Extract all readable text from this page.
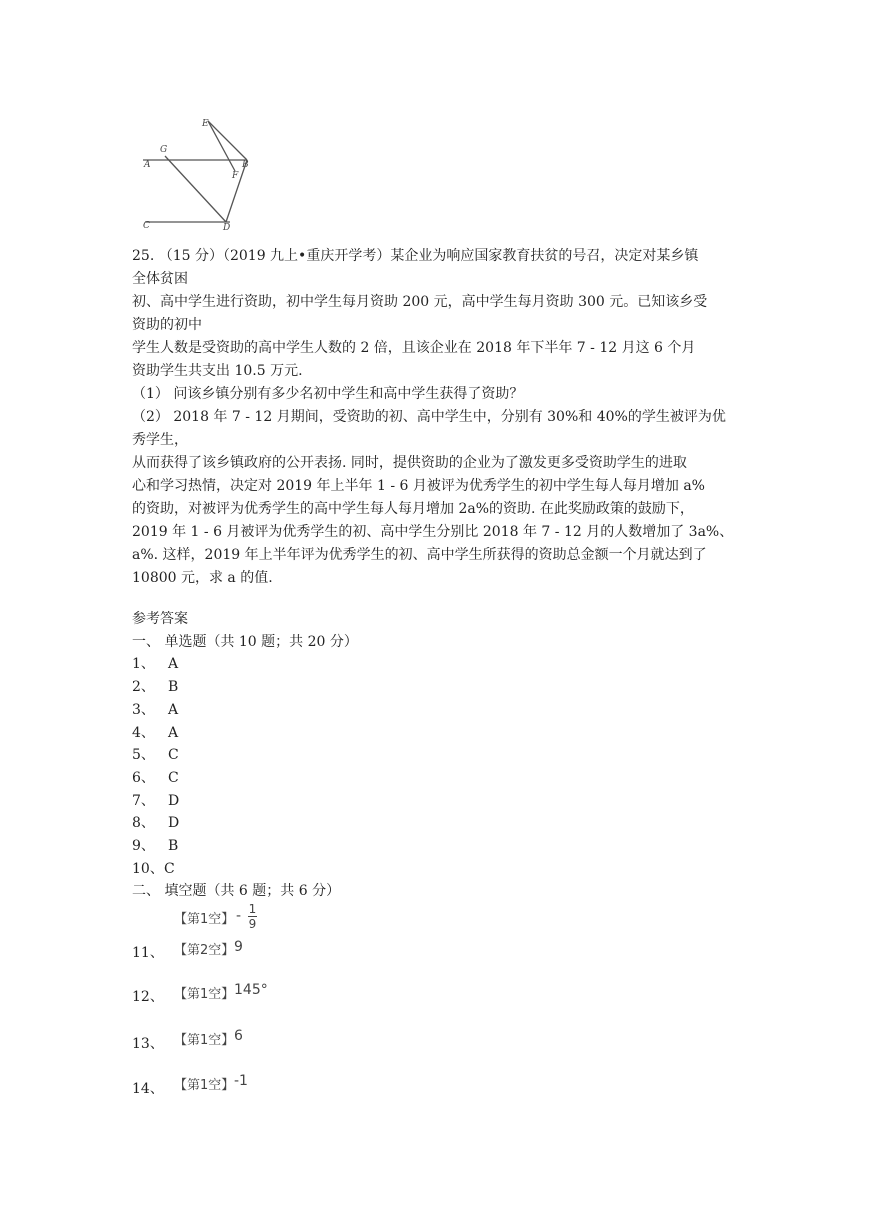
E
G
A	B
F
C	D

25. （15 分）（2019 九上•重庆开学考）某企业为响应国家教育扶贫的号召，决定对某乡镇

全体贫困

初、高中学生进行资助，初中学生每月资助 200 元，高中学生每月资助 300 元。已知该乡受

资助的初中

学生人数是受资助的高中学生人数的 2 倍，且该企业在 2018 年下半年 7 - 12 月这 6 个月

资助学生共支出 10.5 万元.

（1） 问该乡镇分别有多少名初中学生和高中学生获得了资助？

（2） 2018 年 7 - 12 月期间，受资助的初、高中学生中，分别有 30%和 40%的学生被评为优

秀学生，

从而获得了该乡镇政府的公开表扬. 同时，提供资助的企业为了激发更多受资助学生的进取

心和学习热情，决定对 2019 年上半年 1 - 6 月被评为优秀学生的初中学生每人每月增加 a%

的资助，对被评为优秀学生的高中学生每人每月增加 2a%的资助. 在此奖励政策的鼓励下，

2019 年 1 - 6 月被评为优秀学生的初、高中学生分别比 2018 年 7 - 12 月的人数增加了 3a%、

a%. 这样，2019 年上半年评为优秀学生的初、高中学生所获得的资助总金额一个月就达到了

10800 元，求 a 的值.

参考答案

一、 单选题（共 10 题；共 20 分）

1、 A

2、 B

3、 A

4、 A

5、 C

6、 C

7、 D

8、 D

9、 B

10、 C

二、 填空题（共 6 题；共 6 分）

【第1空】 - 1
9
11、 【第2空】 9
12、 【第1空】 145°
13、 【第1空】 6
14、 【第1空】 -1
